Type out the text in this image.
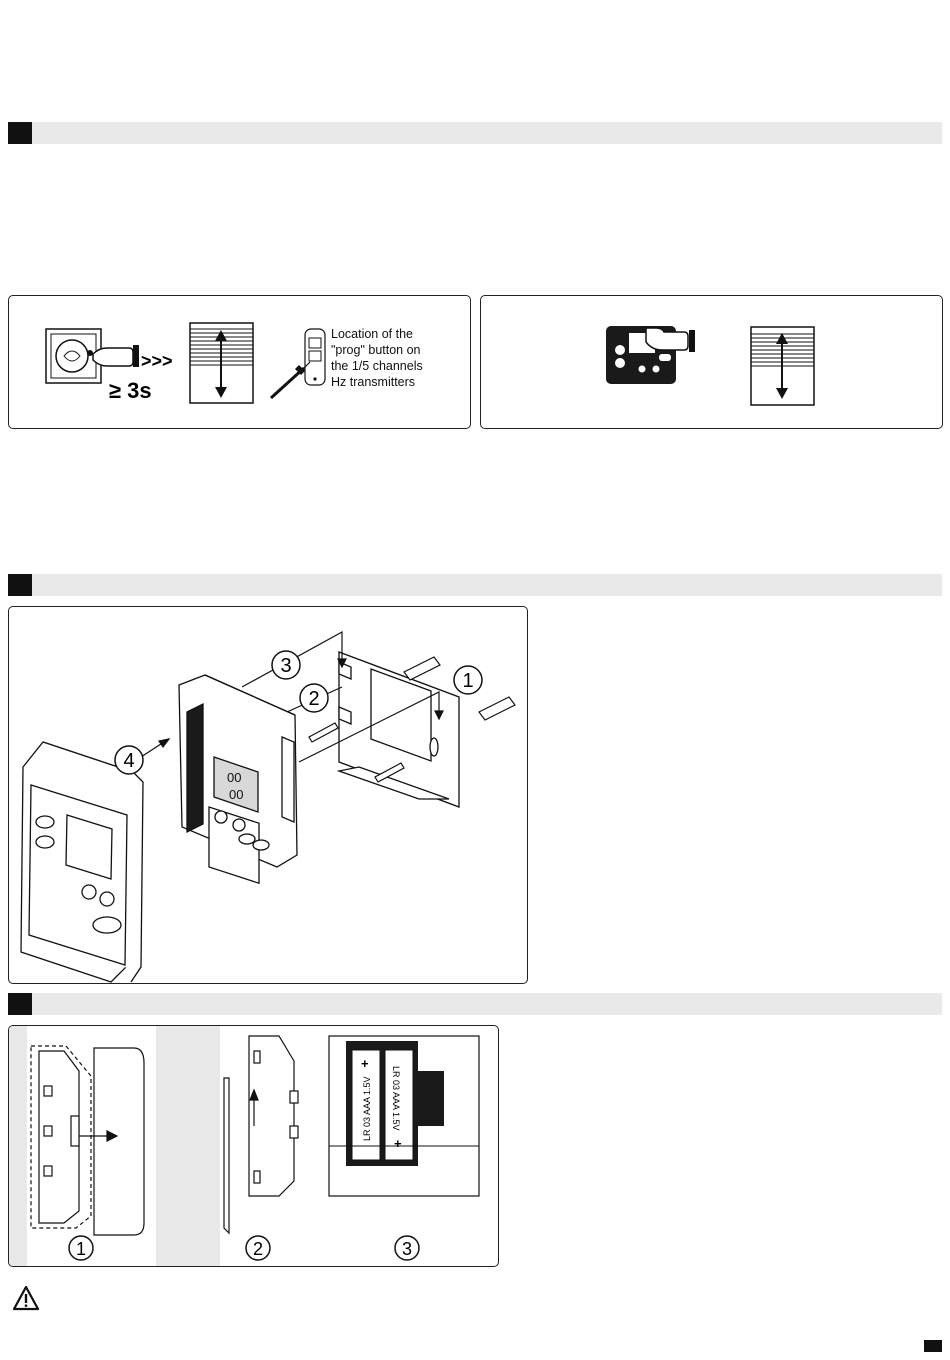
>>>
≥ 3s
Location of the
"prog" button on
the 1/5 channels
Hz transmitters
00
00
1
2
3
4
LR 03 AAA 1.5V LR 03 AAA 1.5V
+
+
1	2	3
